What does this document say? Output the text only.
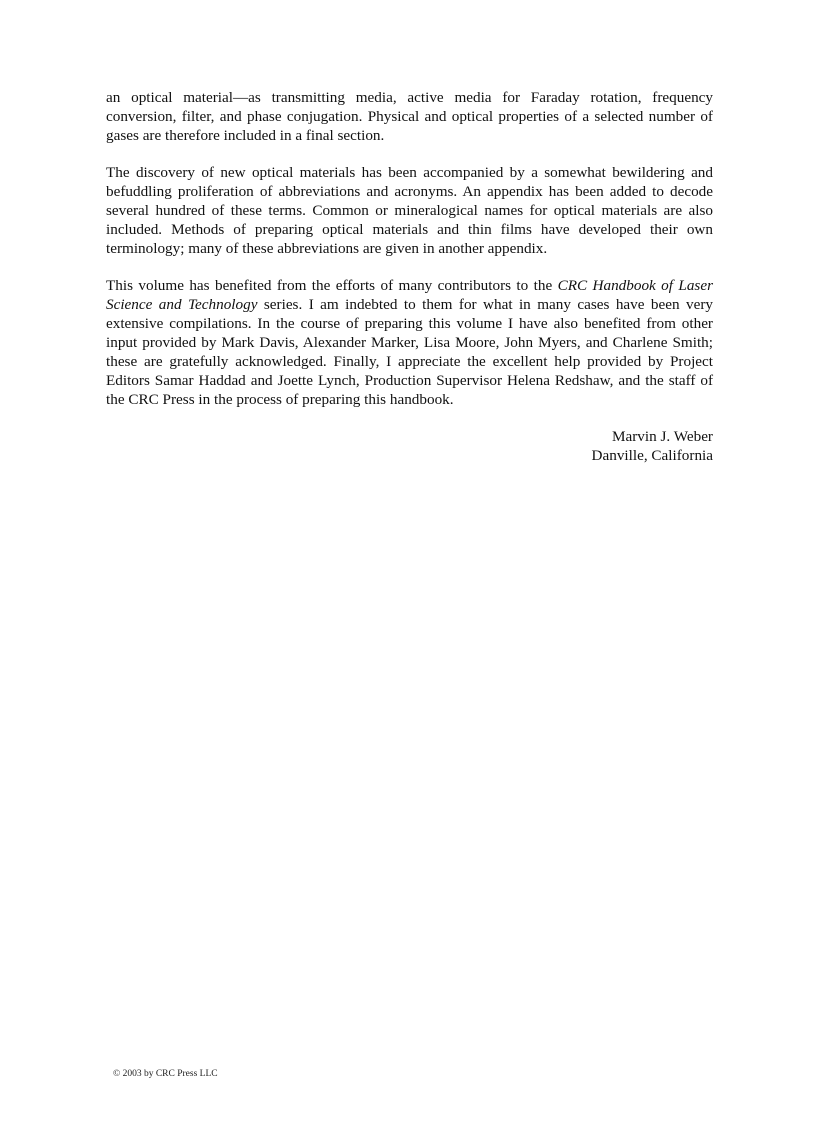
an optical material—as transmitting media, active media for Faraday rotation, frequency conversion, filter, and phase conjugation. Physical and optical properties of a selected number of gases are therefore included in a final section.

The discovery of new optical materials has been accompanied by a somewhat bewildering and befuddling proliferation of abbreviations and acronyms. An appendix has been added to decode several hundred of these terms. Common or mineralogical names for optical materials are also included. Methods of preparing optical materials and thin films have developed their own terminology; many of these abbreviations are given in another appendix.

This volume has benefited from the efforts of many contributors to the CRC Handbook of Laser Science and Technology series. I am indebted to them for what in many cases have been very extensive compilations. In the course of preparing this volume I have also benefited from other input provided by Mark Davis, Alexander Marker, Lisa Moore, John Myers, and Charlene Smith; these are gratefully acknowledged. Finally, I appreciate the excellent help provided by Project Editors Samar Haddad and Joette Lynch, Production Supervisor Helena Redshaw, and the staff of the CRC Press in the process of preparing this handbook.

Marvin J. Weber
Danville, California
© 2003 by CRC Press LLC
